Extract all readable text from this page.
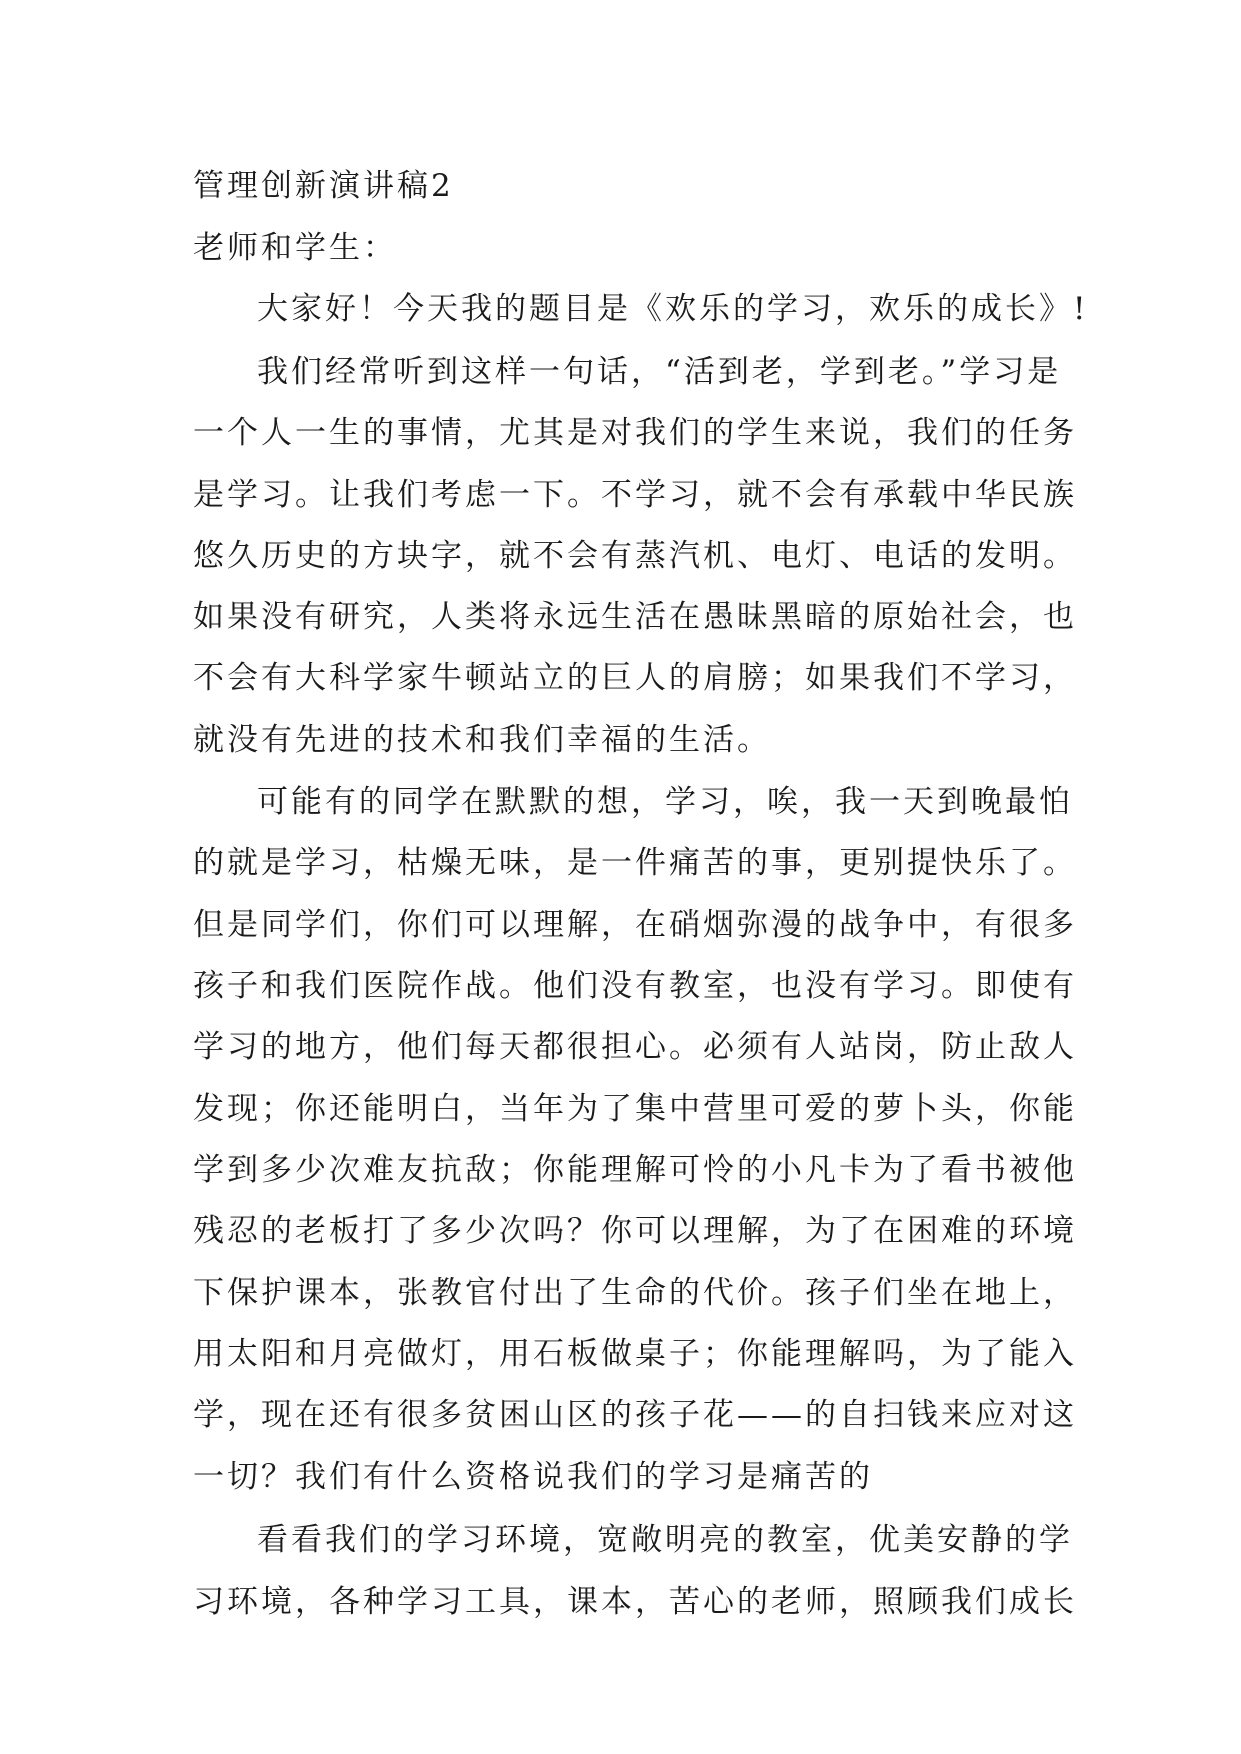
管理创新演讲稿2
老师和学生：
大家好！今天我的题目是《欢乐的学习，欢乐的成长》!
我们经常听到这样一句话，“活到老，学到老。”学习是
一个人一生的事情，尤其是对我们的学生来说，我们的任务
是学习。让我们考虑一下。不学习，就不会有承载中华民族
悠久历史的方块字，就不会有蒸汽机、电灯、电话的发明。
如果没有研究，人类将永远生活在愚昧黑暗的原始社会，也
不会有大科学家牛顿站立的巨人的肩膀；如果我们不学习，
就没有先进的技术和我们幸福的生活。
可能有的同学在默默的想，学习，唉，我一天到晚最怕
的就是学习，枯燥无味，是一件痛苦的事，更别提快乐了。
但是同学们，你们可以理解，在硝烟弥漫的战争中，有很多
孩子和我们医院作战。他们没有教室，也没有学习。即使有
学习的地方，他们每天都很担心。必须有人站岗，防止敌人
发现；你还能明白，当年为了集中营里可爱的萝卜头，你能
学到多少次难友抗敌；你能理解可怜的小凡卡为了看书被他
残忍的老板打了多少次吗？你可以理解，为了在困难的环境
下保护课本，张教官付出了生命的代价。孩子们坐在地上，
用太阳和月亮做灯，用石板做桌子；你能理解吗，为了能入
学，现在还有很多贫困山区的孩子花——的自扫钱来应对这
一切？我们有什么资格说我们的学习是痛苦的
看看我们的学习环境，宽敞明亮的教室，优美安静的学
习环境，各种学习工具，课本，苦心的老师，照顾我们成长
